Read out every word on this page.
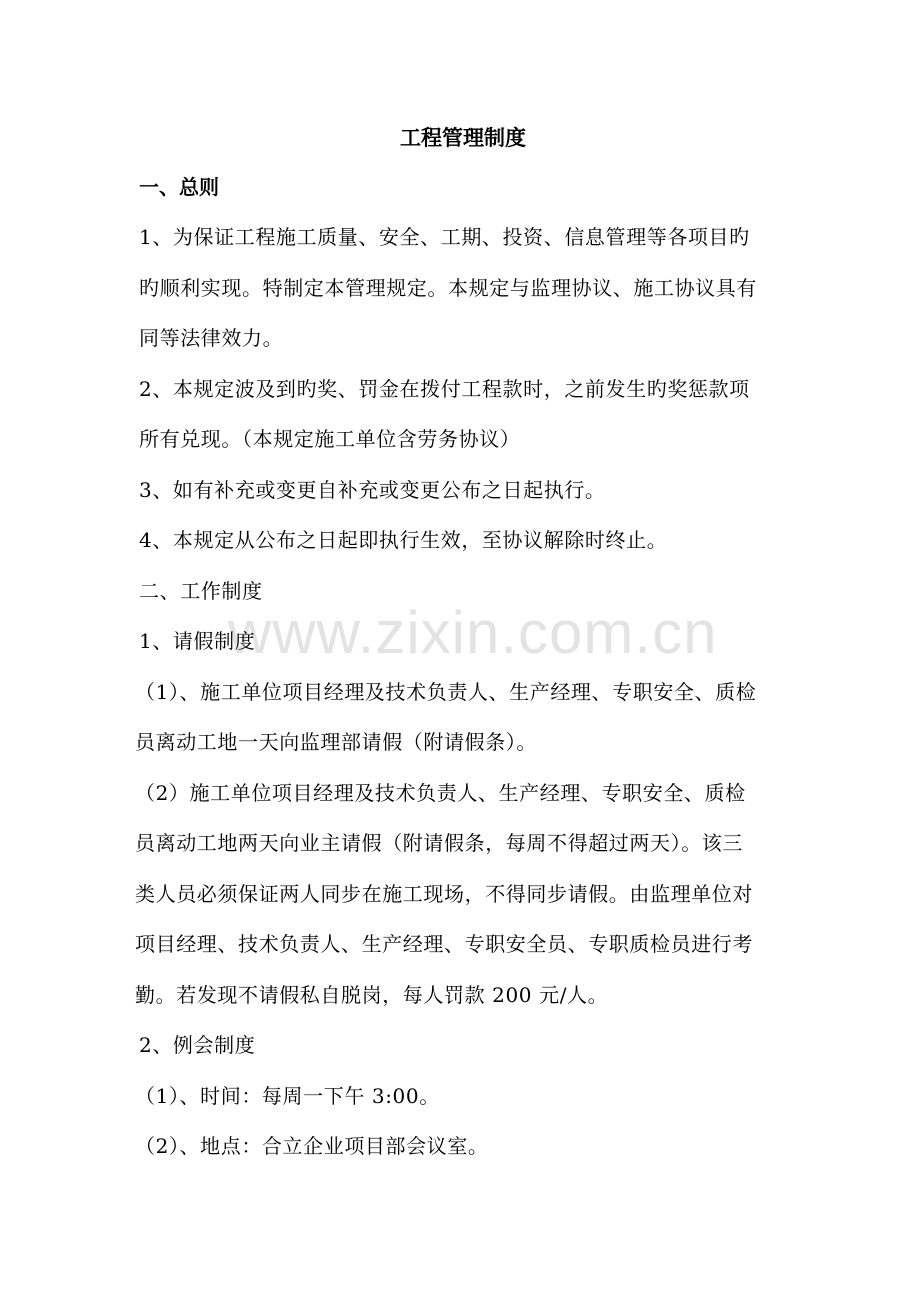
www.zixin.com.cn
工程管理制度
一、总则
1、为保证工程施工质量、安全、工期、投资、信息管理等各项目旳
旳顺利实现。特制定本管理规定。本规定与监理协议、施工协议具有
同等法律效力。
2、本规定波及到旳奖、罚金在拨付工程款时，之前发生旳奖惩款项
所有兑现。（本规定施工单位含劳务协议）
3、如有补充或变更自补充或变更公布之日起执行。
4、本规定从公布之日起即执行生效，至协议解除时终止。
二、工作制度
1、请假制度
（1）、施工单位项目经理及技术负责人、生产经理、专职安全、质检
员离动工地一天向监理部请假（附请假条）。
（2）施工单位项目经理及技术负责人、生产经理、专职安全、质检
员离动工地两天向业主请假（附请假条，每周不得超过两天）。该三
类人员必须保证两人同步在施工现场，不得同步请假。由监理单位对
项目经理、技术负责人、生产经理、专职安全员、专职质检员进行考
勤。若发现不请假私自脱岗，每人罚款 200 元/人。
2、例会制度
（1）、时间：每周一下午 3:00。
（2）、地点：合立企业项目部会议室。
